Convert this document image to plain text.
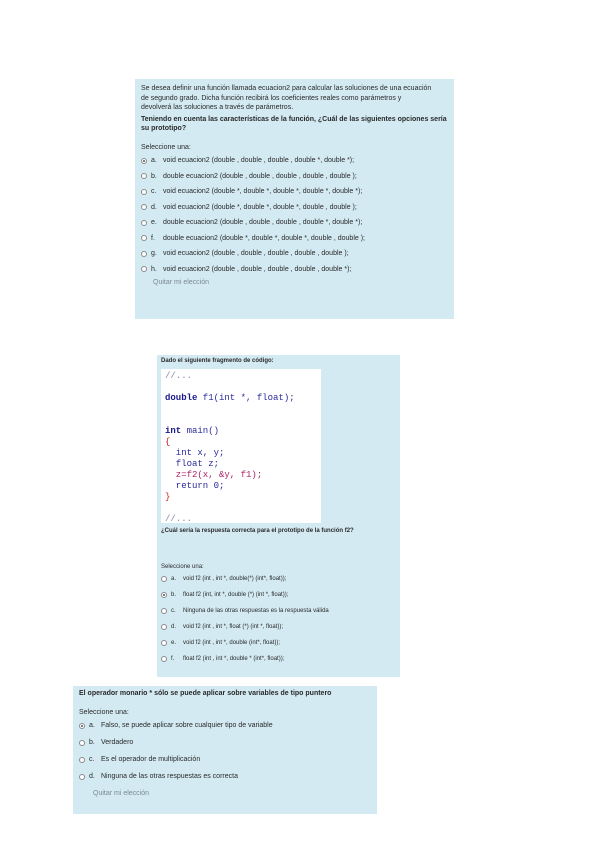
Se desea definir una función llamada ecuacion2 para calcular las soluciones de una ecuación
de segundo grado. Dicha función recibirá los coeficientes reales como parámetros y
devolverá las soluciones a través de parámetros.
Teniendo en cuenta las características de la función, ¿Cuál de las siguientes opciones sería su prototipo?
Seleccione una:
a. void ecuacion2 (double , double , double , double *, double *);
b. double ecuacion2 (double , double , double , double , double );
c. void ecuacion2 (double *, double *, double *, double *, double *);
d. void ecuacion2 (double *, double *, double *, double , double );
e. double ecuacion2 (double , double , double , double *, double *);
f.	double ecuacion2 (double *, double *, double *, double , double );
g. void ecuacion2 (double , double , double , double , double );
h. void ecuacion2 (double , double , double , double , double *);
Quitar mi elección
Dado el siguiente fragmento de código:
//...

double f1(int *, float);

int main()
{
int x, y;
float z;
z=f2(x, &y, f1);
return 0;
}

//...
¿Cuál sería la respuesta correcta para el prototipo de la función f2?
Seleccione una:
a.	void f2 (int , int *, double(*) (int*, float));
b.	float f2 (int, int *, double (*) (int *, float));
c.	Ninguna de las otras respuestas es la respuesta válida
d.	void f2 (int , int *, float (*) (int *, float));
e.	void f2 (int , int *, double (int*, float));
f.	float f2 (int , int *, double * (int*, float));
El operador monario * sólo se puede aplicar sobre variables de tipo puntero
Seleccione una:
a. Falso, se puede aplicar sobre cualquier tipo de variable
b. Verdadero
c. Es el operador de multiplicación
d. Ninguna de las otras respuestas es correcta
Quitar mi elección
